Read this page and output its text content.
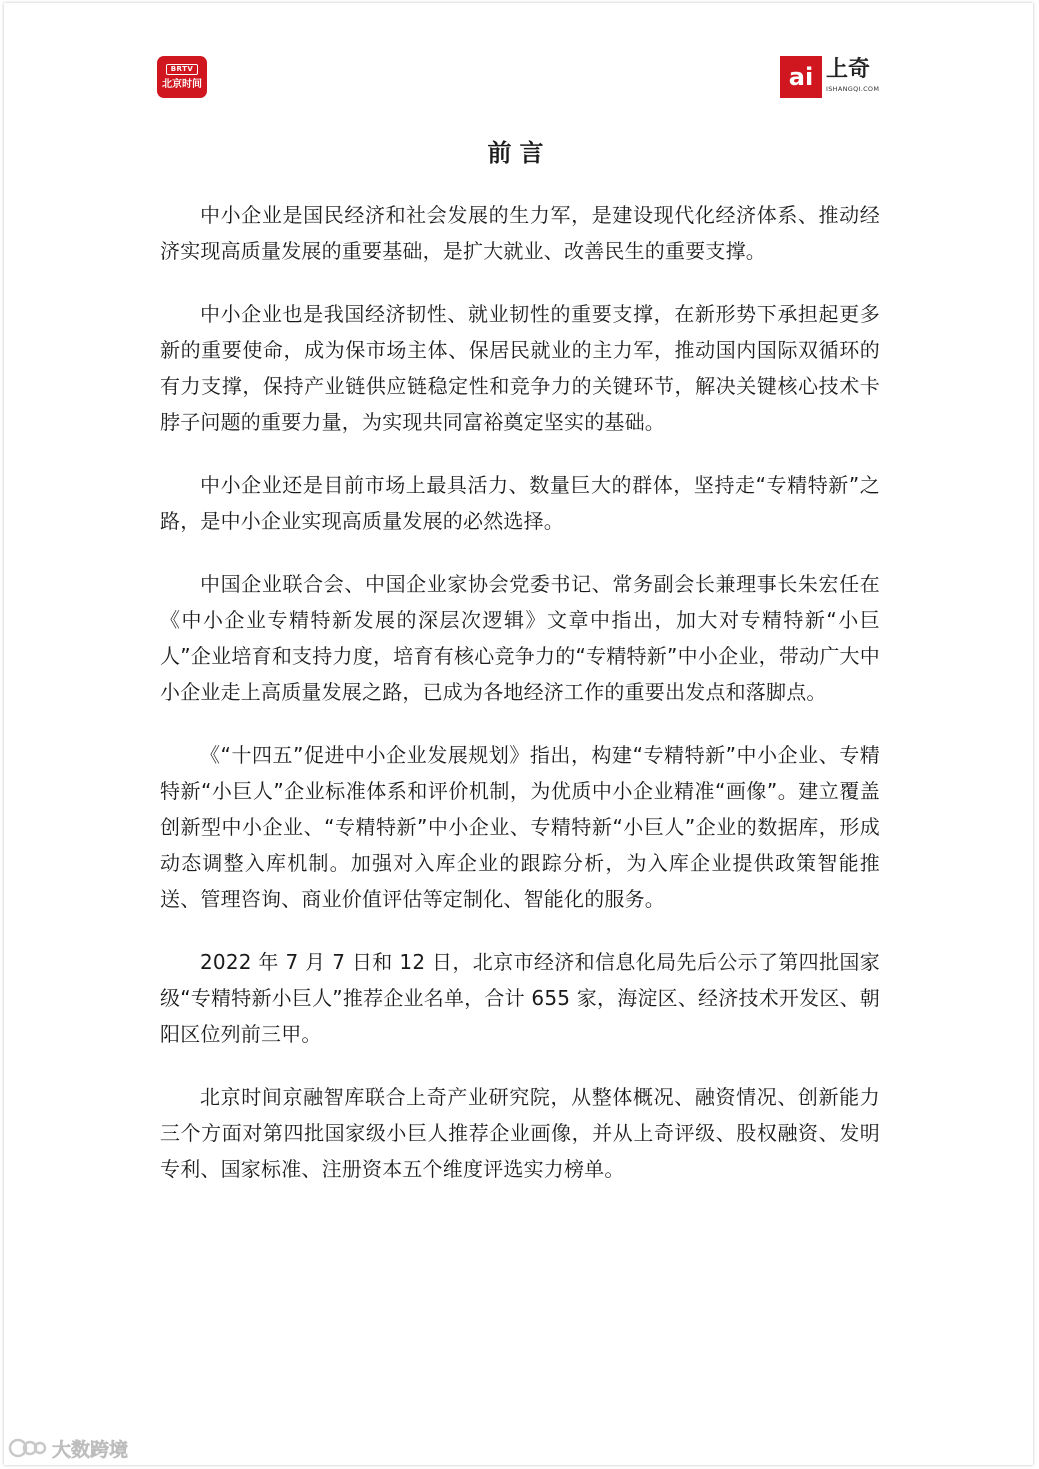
BRTV
北京时间	ai 上奇
ISHANGQI.COM
前言

中小企业是国民经济和社会发展的生力军，是建设现代化经济体系、推动经济实现高质量发展的重要基础，是扩大就业、改善民生的重要支撑。

中小企业也是我国经济韧性、就业韧性的重要支撑，在新形势下承担起更多新的重要使命，成为保市场主体、保居民就业的主力军，推动国内国际双循环的有力支撑，保持产业链供应链稳定性和竞争力的关键环节，解决关键核心技术卡脖子问题的重要力量，为实现共同富裕奠定坚实的基础。

中小企业还是目前市场上最具活力、数量巨大的群体，坚持走“专精特新”之路，是中小企业实现高质量发展的必然选择。

中国企业联合会、中国企业家协会党委书记、常务副会长兼理事长朱宏任在《中小企业专精特新发展的深层次逻辑》文章中指出，加大对专精特新“小巨人”企业培育和支持力度，培育有核心竞争力的“专精特新”中小企业，带动广大中小企业走上高质量发展之路，已成为各地经济工作的重要出发点和落脚点。

《“十四五”促进中小企业发展规划》指出，构建“专精特新”中小企业、专精特新“小巨人”企业标准体系和评价机制，为优质中小企业精准“画像”。建立覆盖创新型中小企业、“专精特新”中小企业、专精特新“小巨人”企业的数据库，形成动态调整入库机制。加强对入库企业的跟踪分析，为入库企业提供政策智能推送、管理咨询、商业价值评估等定制化、智能化的服务。

2022 年 7 月 7 日和 12 日，北京市经济和信息化局先后公示了第四批国家级“专精特新小巨人”推荐企业名单，合计 655 家，海淀区、经济技术开发区、朝阳区位列前三甲。

北京时间京融智库联合上奇产业研究院，从整体概况、融资情况、创新能力三个方面对第四批国家级小巨人推荐企业画像，并从上奇评级、股权融资、发明专利、国家标准、注册资本五个维度评选实力榜单。

大数跨境
